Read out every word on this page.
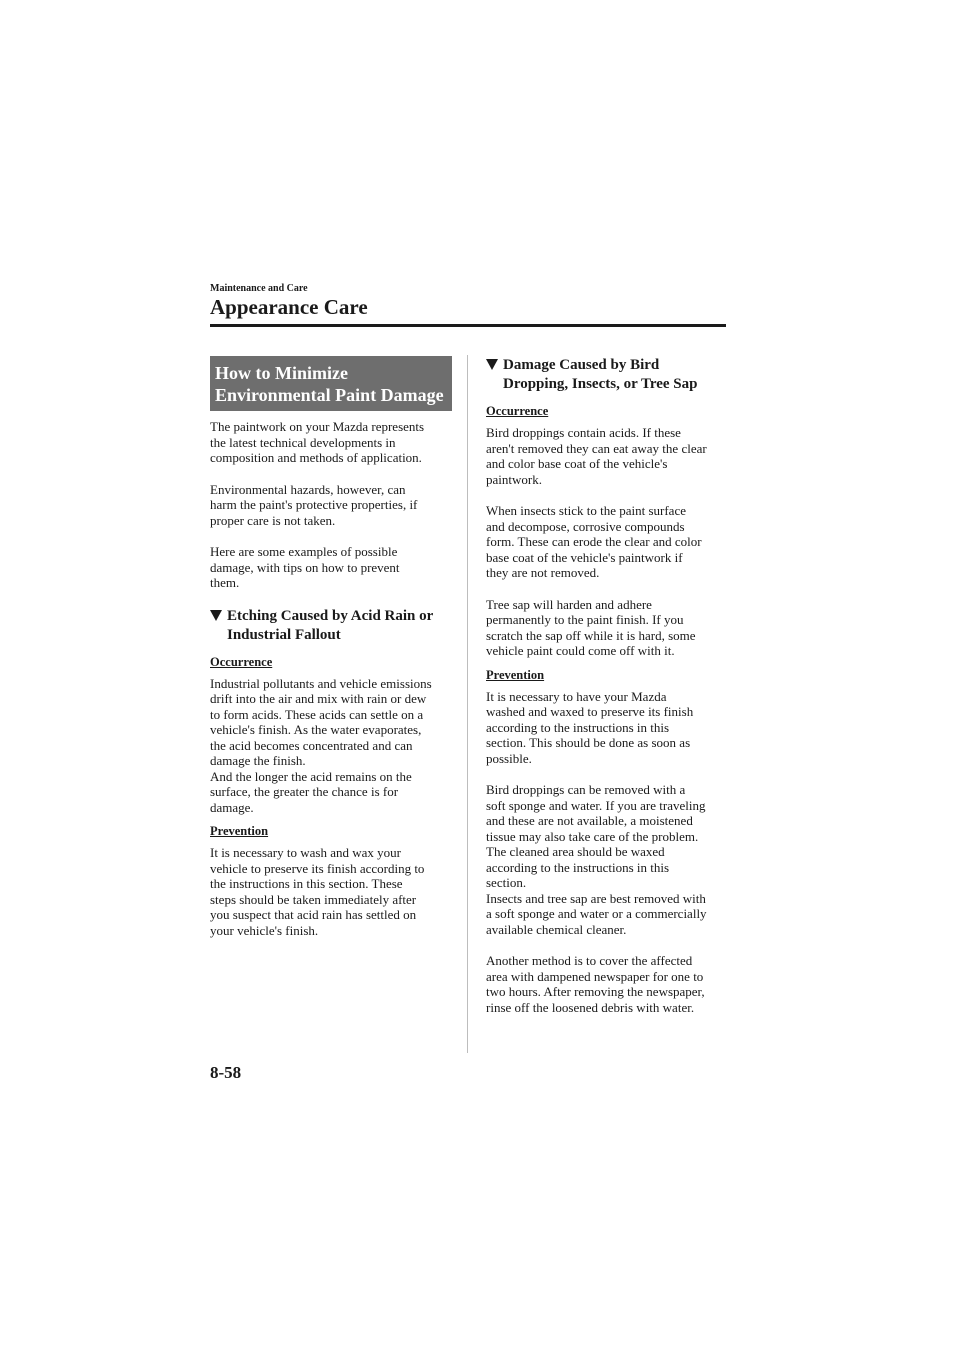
Maintenance and Care
Appearance Care
How to Minimize
Environmental Paint Damage

The paintwork on your Mazda represents
the latest technical developments in
composition and methods of application.

Environmental hazards, however, can
harm the paint's protective properties, if
proper care is not taken.

Here are some examples of possible
damage, with tips on how to prevent
them.

Etching Caused by Acid Rain or
Industrial Fallout
Occurrence

Industrial pollutants and vehicle emissions
drift into the air and mix with rain or dew
to form acids. These acids can settle on a
vehicle's finish. As the water evaporates,
the acid becomes concentrated and can
damage the finish.
And the longer the acid remains on the
surface, the greater the chance is for
damage.

Prevention

It is necessary to wash and wax your
vehicle to preserve its finish according to
the instructions in this section. These
steps should be taken immediately after
you suspect that acid rain has settled on
your vehicle's finish.

Damage Caused by Bird
Dropping, Insects, or Tree Sap
Occurrence

Bird droppings contain acids. If these
aren't removed they can eat away the clear
and color base coat of the vehicle's
paintwork.

When insects stick to the paint surface
and decompose, corrosive compounds
form. These can erode the clear and color
base coat of the vehicle's paintwork if
they are not removed.

Tree sap will harden and adhere
permanently to the paint finish. If you
scratch the sap off while it is hard, some
vehicle paint could come off with it.

Prevention

It is necessary to have your Mazda
washed and waxed to preserve its finish
according to the instructions in this
section. This should be done as soon as
possible.

Bird droppings can be removed with a
soft sponge and water. If you are traveling
and these are not available, a moistened
tissue may also take care of the problem.
The cleaned area should be waxed
according to the instructions in this
section.
Insects and tree sap are best removed with
a soft sponge and water or a commercially
available chemical cleaner.

Another method is to cover the affected
area with dampened newspaper for one to
two hours. After removing the newspaper,
rinse off the loosened debris with water.

8-58
